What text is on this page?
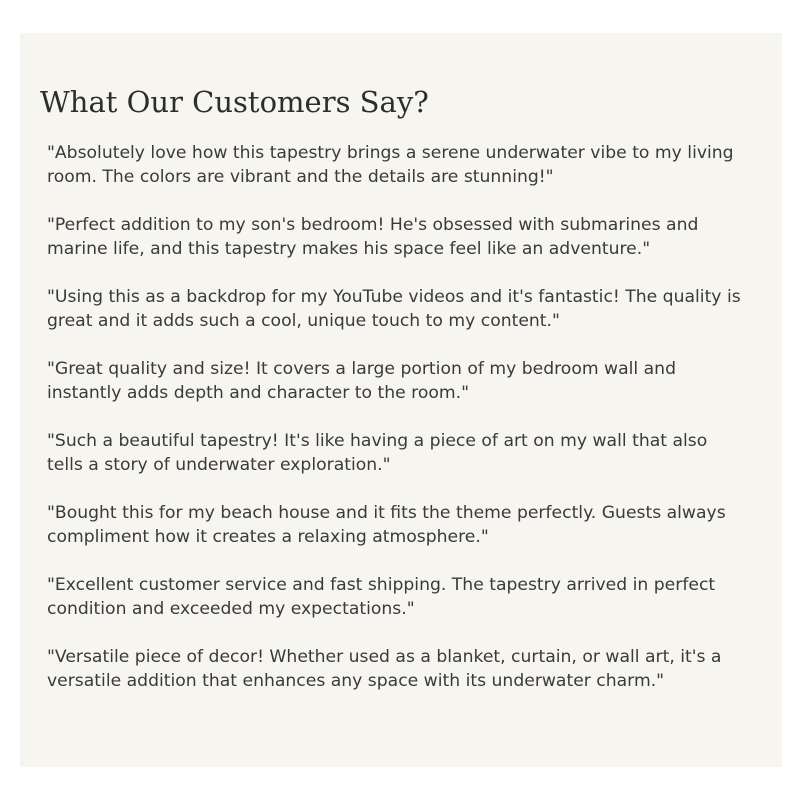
What Our Customers Say?
"Absolutely love how this tapestry brings a serene underwater vibe to my living room. The colors are vibrant and the details are stunning!"
"Perfect addition to my son's bedroom! He's obsessed with submarines and marine life, and this tapestry makes his space feel like an adventure."
"Using this as a backdrop for my YouTube videos and it's fantastic! The quality is great and it adds such a cool, unique touch to my content."
"Great quality and size! It covers a large portion of my bedroom wall and instantly adds depth and character to the room."
"Such a beautiful tapestry! It's like having a piece of art on my wall that also tells a story of underwater exploration."
"Bought this for my beach house and it fits the theme perfectly. Guests always compliment how it creates a relaxing atmosphere."
"Excellent customer service and fast shipping. The tapestry arrived in perfect condition and exceeded my expectations."
"Versatile piece of decor! Whether used as a blanket, curtain, or wall art, it's a versatile addition that enhances any space with its underwater charm."
